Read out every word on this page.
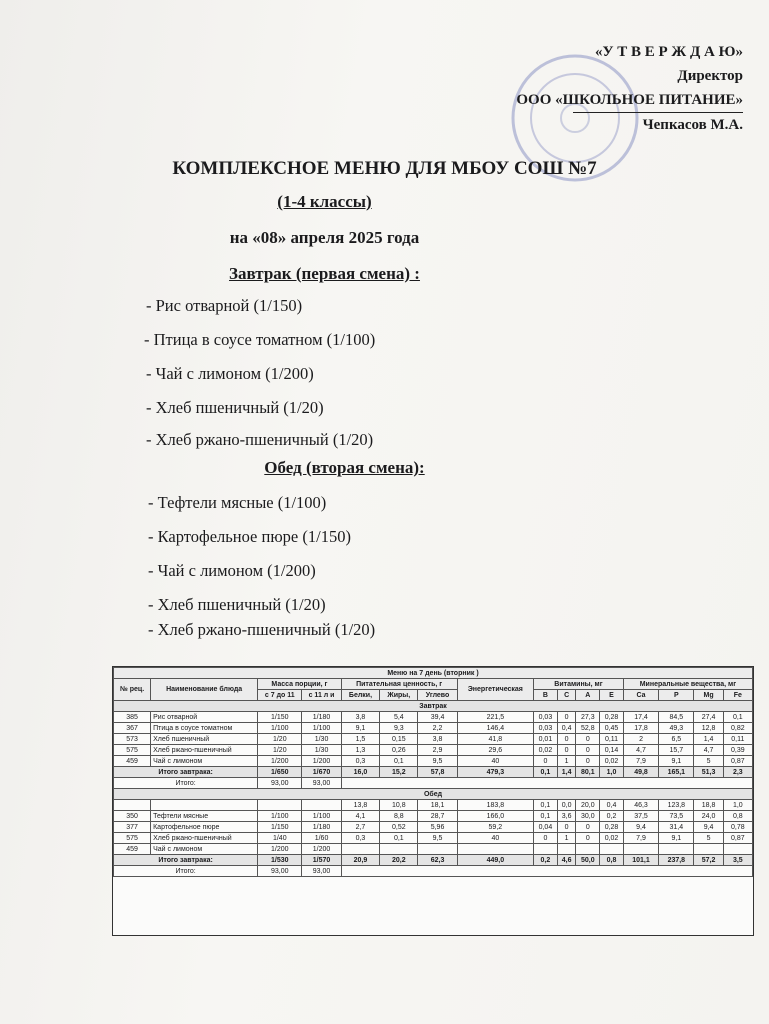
«У Т В Е Р Ж Д А Ю»
Директор
ООО «ШКОЛЬНОЕ ПИТАНИЕ»
Чепкасов М.А.
КОМПЛЕКСНОЕ МЕНЮ ДЛЯ МБОУ СОШ №7
(1-4 классы)
на «08» апреля 2025 года
Завтрак (первая смена) :
- Рис отварной (1/150)
- Птица в соусе томатном (1/100)
- Чай с лимоном (1/200)
- Хлеб пшеничный (1/20)
- Хлеб ржано-пшеничный (1/20)
Обед (вторая смена):
- Тефтели мясные (1/100)
- Картофельное пюре (1/150)
- Чай с лимоном (1/200)
- Хлеб пшеничный (1/20)
- Хлеб ржано-пшеничный (1/20)
Меню на 7 день (вторник )															
№ рец.	Наименование блюда	Масса порции, г		Питательная ценность, г			Энергетическая	Витамины, мг				Минеральные вещества, мг			
		с 7 до 11	с 11 л и	Белки,	Жиры,	Углево		B	C	A	E	Ca	P	Mg	Fe
Завтрак															
385	Рис отварной	1/150	1/180	3,8	5,4	39,4	221,5	0,03	0	27,3	0,28	17,4	84,5	27,4	0,1
367	Птица в соусе томатном	1/100	1/100	9,1	9,3	2,2	146,4	0,03	0,4	52,8	0,45	17,8	49,3	12,8	0,82
573	Хлеб пшеничный	1/20	1/30	1,5	0,15	3,8	41,8	0,01	0	0	0,11	2	6,5	1,4	0,11
575	Хлеб ржано-пшеничный	1/20	1/30	1,3	0,26	2,9	29,6	0,02	0	0	0,14	4,7	15,7	4,7	0,39
459	Чай с лимоном	1/200	1/200	0,3	0,1	9,5	40	0	1	0	0,02	7,9	9,1	5	0,87
Итого завтрака:		1/650	1/670	16,0	15,2	57,8	479,3	0,1	1,4	80,1	1,0	49,8	165,1	51,3	2,3
Итого:		93,00	93,00												
Обед															
				13,8	10,8	18,1	183,8	0,1	0,0	20,0	0,4	46,3	123,8	18,8	1,0
350	Тефтели мясные	1/100	1/100	4,1	8,8	28,7	166,0	0,1	3,6	30,0	0,2	37,5	73,5	24,0	0,8
377	Картофельное пюре	1/150	1/180	2,7	0,52	5,96	59,2	0,04	0	0	0,28	9,4	31,4	9,4	0,78
575	Хлеб ржано-пшеничный	1/40	1/60	0,3	0,1	9,5	40	0	1	0	0,02	7,9	9,1	5	0,87
459	Чай с лимоном	1/200	1/200												
Итого завтрака:		1/530	1/570	20,9	20,2	62,3	449,0	0,2	4,6	50,0	0,8	101,1	237,8	57,2	3,5
Итого:		93,00	93,00												
